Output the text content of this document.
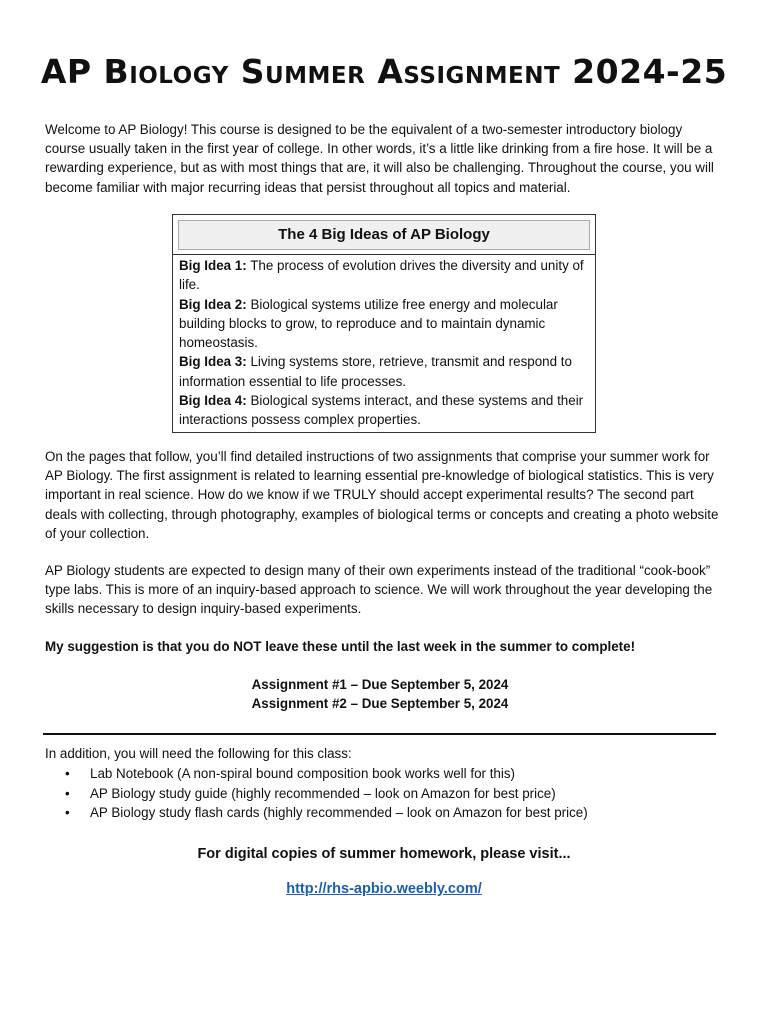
AP Biology Summer Assignment 2024-25
Welcome to AP Biology! This course is designed to be the equivalent of a two-semester introductory biology course usually taken in the first year of college. In other words, it’s a little like drinking from a fire hose. It will be a rewarding experience, but as with most things that are, it will also be challenging. Throughout the course, you will become familiar with major recurring ideas that persist throughout all topics and material.
The 4 Big Ideas of AP Biology
Big Idea 1: The process of evolution drives the diversity and unity of life.
Big Idea 2: Biological systems utilize free energy and molecular building blocks to grow, to reproduce and to maintain dynamic homeostasis.
Big Idea 3: Living systems store, retrieve, transmit and respond to information essential to life processes.
Big Idea 4: Biological systems interact, and these systems and their interactions possess complex properties.
On the pages that follow, you’ll find detailed instructions of two assignments that comprise your summer work for AP Biology. The first assignment is related to learning essential pre-knowledge of biological statistics. This is very important in real science. How do we know if we TRULY should accept experimental results? The second part deals with collecting, through photography, examples of biological terms or concepts and creating a photo website of your collection.
AP Biology students are expected to design many of their own experiments instead of the traditional “cook-book” type labs. This is more of an inquiry-based approach to science. We will work throughout the year developing the skills necessary to design inquiry-based experiments.
My suggestion is that you do NOT leave these until the last week in the summer to complete!
Assignment #1 – Due September 5, 2024
Assignment #2 – Due September 5, 2024
In addition, you will need the following for this class:
• Lab Notebook (A non-spiral bound composition book works well for this)
• AP Biology study guide (highly recommended – look on Amazon for best price)
• AP Biology study flash cards (highly recommended – look on Amazon for best price)
For digital copies of summer homework, please visit...
http://rhs-apbio.weebly.com/
